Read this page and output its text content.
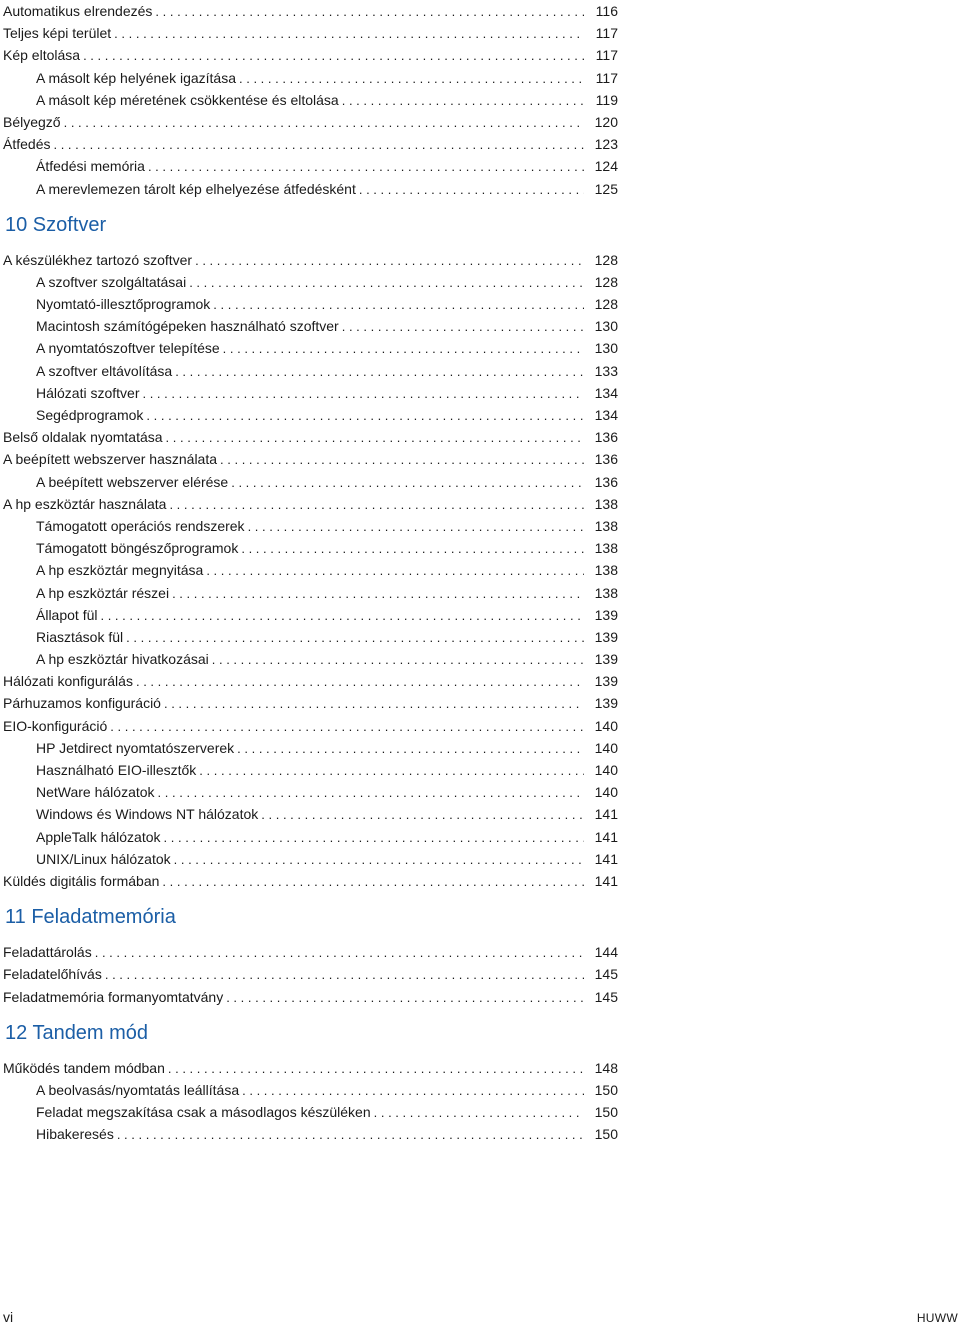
Automatikus elrendezés . . .	116
Teljes képi terület . . .	117
Kép eltolása . . .	117
A másolt kép helyének igazítása . . .	117
A másolt kép méretének csökkentése és eltolása . . .	119
Bélyegző . . .	120
Átfedés . . .	123
Átfedési memória . . .	124
A merevlemezen tárolt kép elhelyezése átfedésként . . .	125
10 Szoftver
A készülékhez tartozó szoftver . . .	128
A szoftver szolgáltatásai . . .	128
Nyomtató-illesztőprogramok . . .	128
Macintosh számítógépeken használható szoftver . . .	130
A nyomtatószoftver telepítése . . .	130
A szoftver eltávolítása . . .	133
Hálózati szoftver . . .	134
Segédprogramok . . .	134
Belső oldalak nyomtatása . . .	136
A beépített webszerver használata . . .	136
A beépített webszerver elérése . . .	136
A hp eszköztár használata . . .	138
Támogatott operációs rendszerek . . .	138
Támogatott böngészőprogramok . . .	138
A hp eszköztár megnyitása . . .	138
A hp eszköztár részei . . .	138
Állapot fül . . .	139
Riasztások fül . . .	139
A hp eszköztár hivatkozásai . . .	139
Hálózati konfigurálás . . .	139
Párhuzamos konfiguráció . . .	139
EIO-konfiguráció . . .	140
HP Jetdirect nyomtatószerverek . . .	140
Használható EIO-illesztők . . .	140
NetWare hálózatok . . .	140
Windows és Windows NT hálózatok . . .	141
AppleTalk hálózatok . . .	141
UNIX/Linux hálózatok . . .	141
Küldés digitális formában . . .	141
11 Feladatmemória
Feladattárolás . . .	144
Feladatelőhívás . . .	145
Feladatmemória formanyomtatvány . . .	145
12 Tandem mód
Működés tandem módban . . .	148
A beolvasás/nyomtatás leállítása . . .	150
Feladat megszakítása csak a másodlagos készüléken . . .	150
Hibakeresés . . .	150
vi	HUWW
